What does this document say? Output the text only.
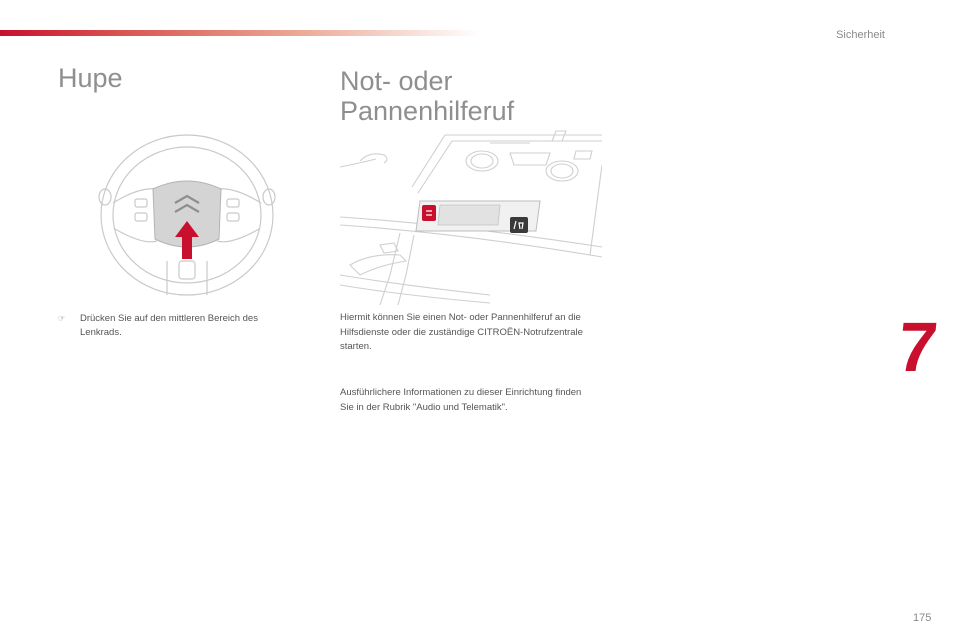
Sicherheit
7
Hupe	Not- oder Pannenhilferuf
☞ Drücken Sie auf den mittleren Bereich des Lenkrads.
Hiermit können Sie einen Not- oder Pannenhilferuf an die Hilfsdienste oder die zuständige CITROËN-Notrufzentrale starten.
Ausführlichere Informationen zu dieser Einrichtung finden Sie in der Rubrik "Audio und Telematik".
175
